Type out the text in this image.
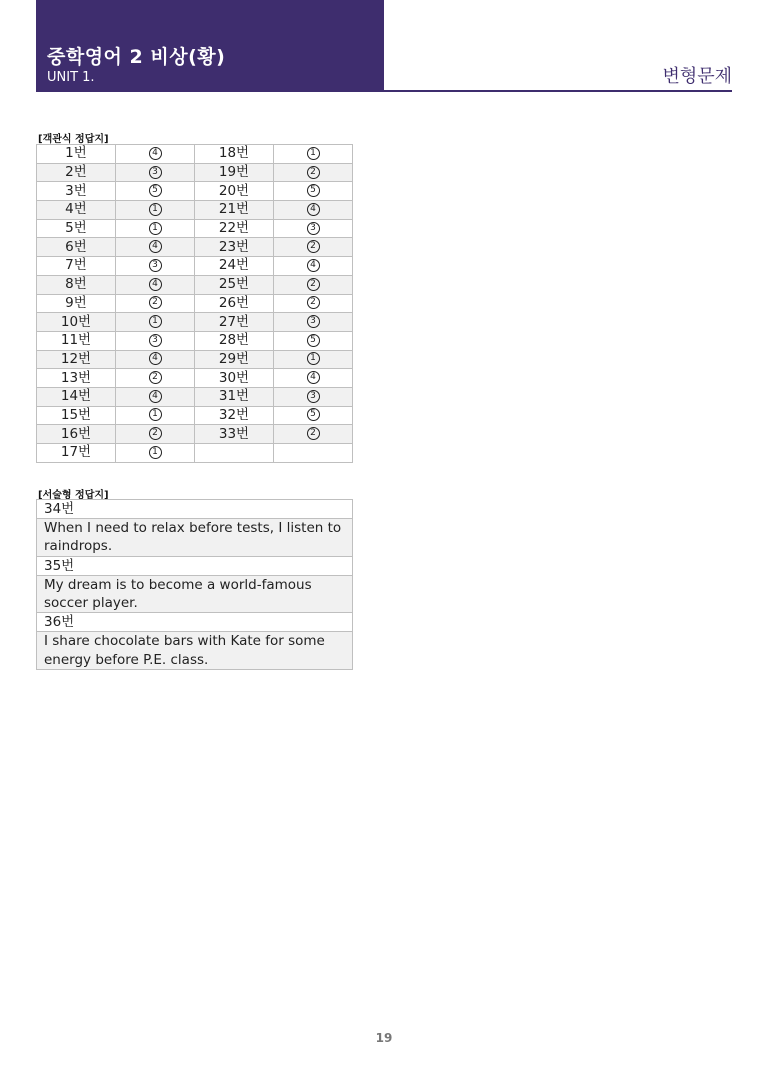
중학영어 2 비상(황)
UNIT 1.	변형문제
[객관식 정답지]
1번	4	18번	1
2번	3	19번	2
3번	5	20번	5
4번	1	21번	4
5번	1	22번	3
6번	4	23번	2
7번	3	24번	4
8번	4	25번	2
9번	2	26번	2
10번	1	27번	3
11번	3	28번	5
12번	4	29번	1
13번	2	30번	4
14번	4	31번	3
15번	1	32번	5
16번	2	33번	2
17번	1		
[서술형 정답지]
34번
When I need to relax before tests, I listen to raindrops.
35번
My dream is to become a world-famous soccer player.
36번
I share chocolate bars with Kate for some energy before P.E. class.
19
